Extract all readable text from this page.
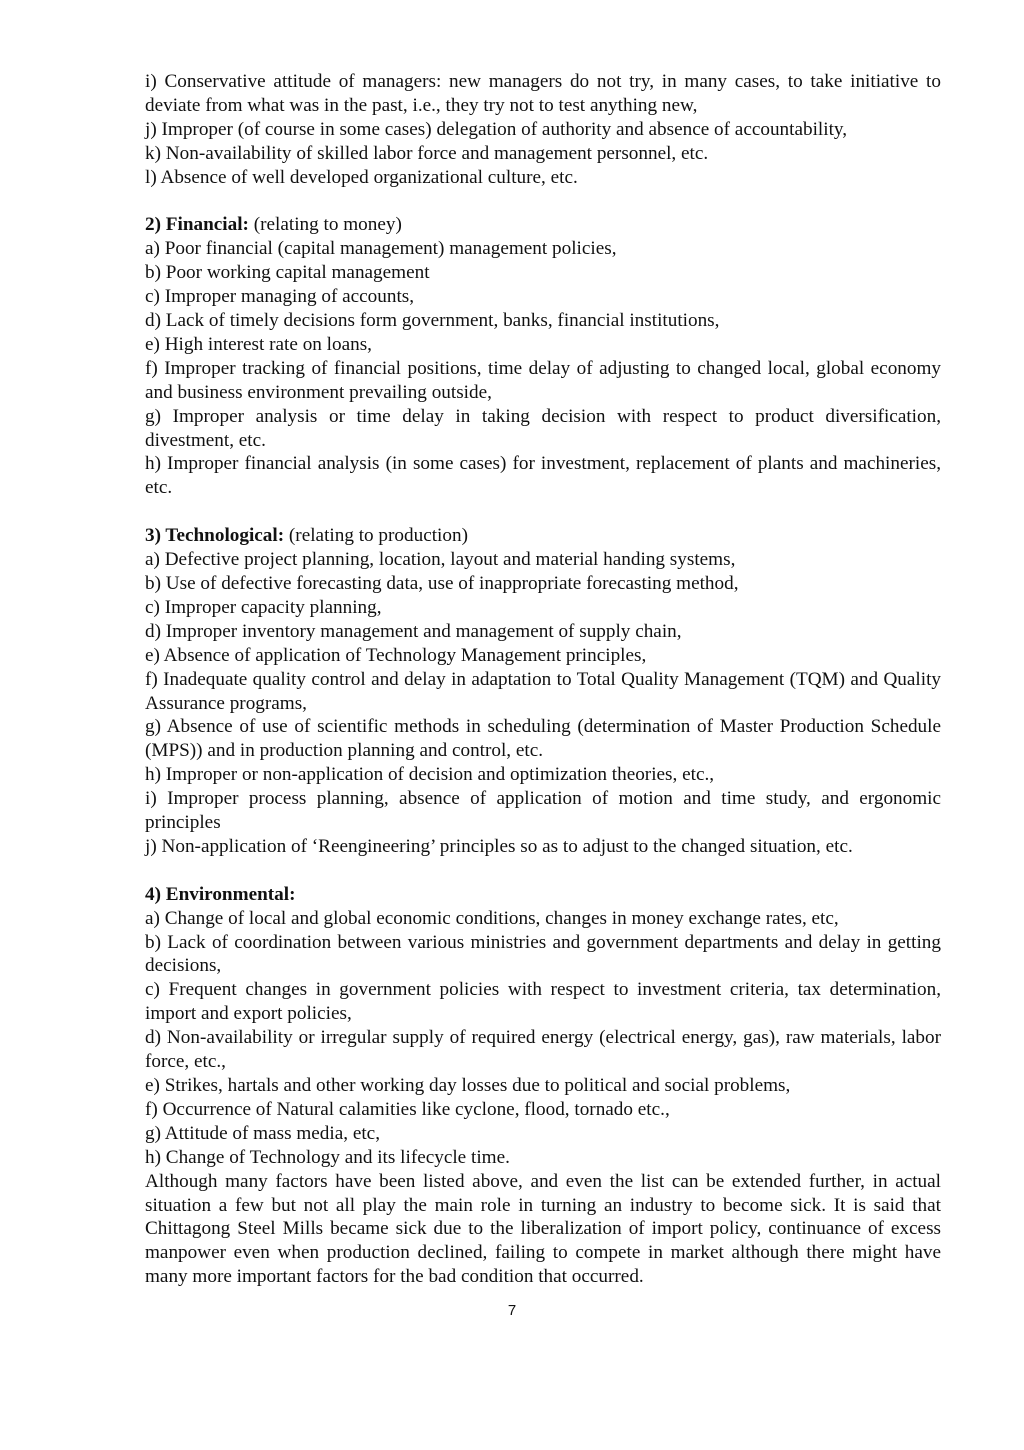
i) Conservative attitude of managers: new managers do not try, in many cases, to take initiative to deviate from what was in the past, i.e., they try not to test anything new,

j) Improper (of course in some cases) delegation of authority and absence of accountability,

k) Non-availability of skilled labor force and management personnel, etc.

l) Absence of well developed organizational culture, etc.

2) Financial: (relating to money)

a) Poor financial (capital management) management policies,

b) Poor working capital management

c) Improper managing of accounts,

d) Lack of timely decisions form government, banks, financial institutions,

e) High interest rate on loans,

f) Improper tracking of financial positions, time delay of adjusting to changed local, global economy and business environment prevailing outside,

g) Improper analysis or time delay in taking decision with respect to product diversification, divestment, etc.

h) Improper financial analysis (in some cases) for investment, replacement of plants and machineries, etc.

3) Technological: (relating to production)

a) Defective project planning, location, layout and material handing systems,

b) Use of defective forecasting data, use of inappropriate forecasting method,

c) Improper capacity planning,

d) Improper inventory management and management of supply chain,

e) Absence of application of Technology Management principles,

f) Inadequate quality control and delay in adaptation to Total Quality Management (TQM) and Quality Assurance programs,

g) Absence of use of scientific methods in scheduling (determination of Master Production Schedule (MPS)) and in production planning and control, etc.

h) Improper or non-application of decision and optimization theories, etc.,

i) Improper process planning, absence of application of motion and time study, and ergonomic principles

j) Non-application of ‘Reengineering’ principles so as to adjust to the changed situation, etc.

4) Environmental:

a) Change of local and global economic conditions, changes in money exchange rates, etc,

b) Lack of coordination between various ministries and government departments and delay in getting decisions,

c) Frequent changes in government policies with respect to investment criteria, tax determination, import and export policies,

d) Non-availability or irregular supply of required energy (electrical energy, gas), raw materials, labor force, etc.,

e) Strikes, hartals and other working day losses due to political and social problems,

f) Occurrence of Natural calamities like cyclone, flood, tornado etc.,

g) Attitude of mass media, etc,

h) Change of Technology and its lifecycle time.

Although many factors have been listed above, and even the list can be extended further, in actual situation a few but not all play the main role in turning an industry to become sick. It is said that Chittagong Steel Mills became sick due to the liberalization of import policy, continuance of excess manpower even when production declined, failing to compete in market although there might have many more important factors for the bad condition that occurred.

7
